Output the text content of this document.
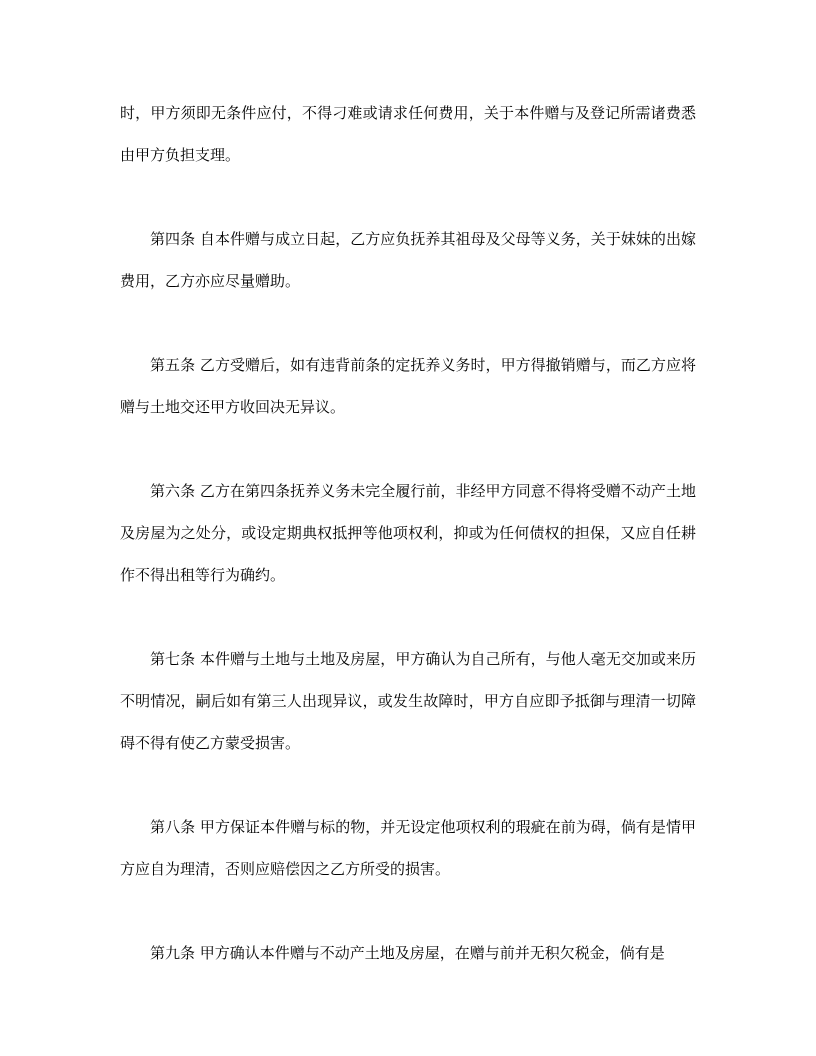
时，甲方须即无条件应付，不得刁难或请求任何费用，关于本件赠与及登记所需诸费悉由甲方负担支理。

第四条 自本件赠与成立日起，乙方应负抚养其祖母及父母等义务，关于妹妹的出嫁费用，乙方亦应尽量赠助。

第五条 乙方受赠后，如有违背前条的定抚养义务时，甲方得撤销赠与，而乙方应将赠与土地交还甲方收回决无异议。

第六条 乙方在第四条抚养义务未完全履行前，非经甲方同意不得将受赠不动产土地及房屋为之处分，或设定期典权抵押等他项权利，抑或为任何债权的担保，又应自任耕作不得出租等行为确约。

第七条 本件赠与土地与土地及房屋，甲方确认为自己所有，与他人毫无交加或来历不明情况，嗣后如有第三人出现异议，或发生故障时，甲方自应即予抵御与理清一切障碍不得有使乙方蒙受损害。

第八条 甲方保证本件赠与标的物，并无设定他项权利的瑕疵在前为碍，倘有是情甲方应自为理清，否则应赔偿因之乙方所受的损害。

第九条 甲方确认本件赠与不动产土地及房屋，在赠与前并无积欠税金，倘有是
